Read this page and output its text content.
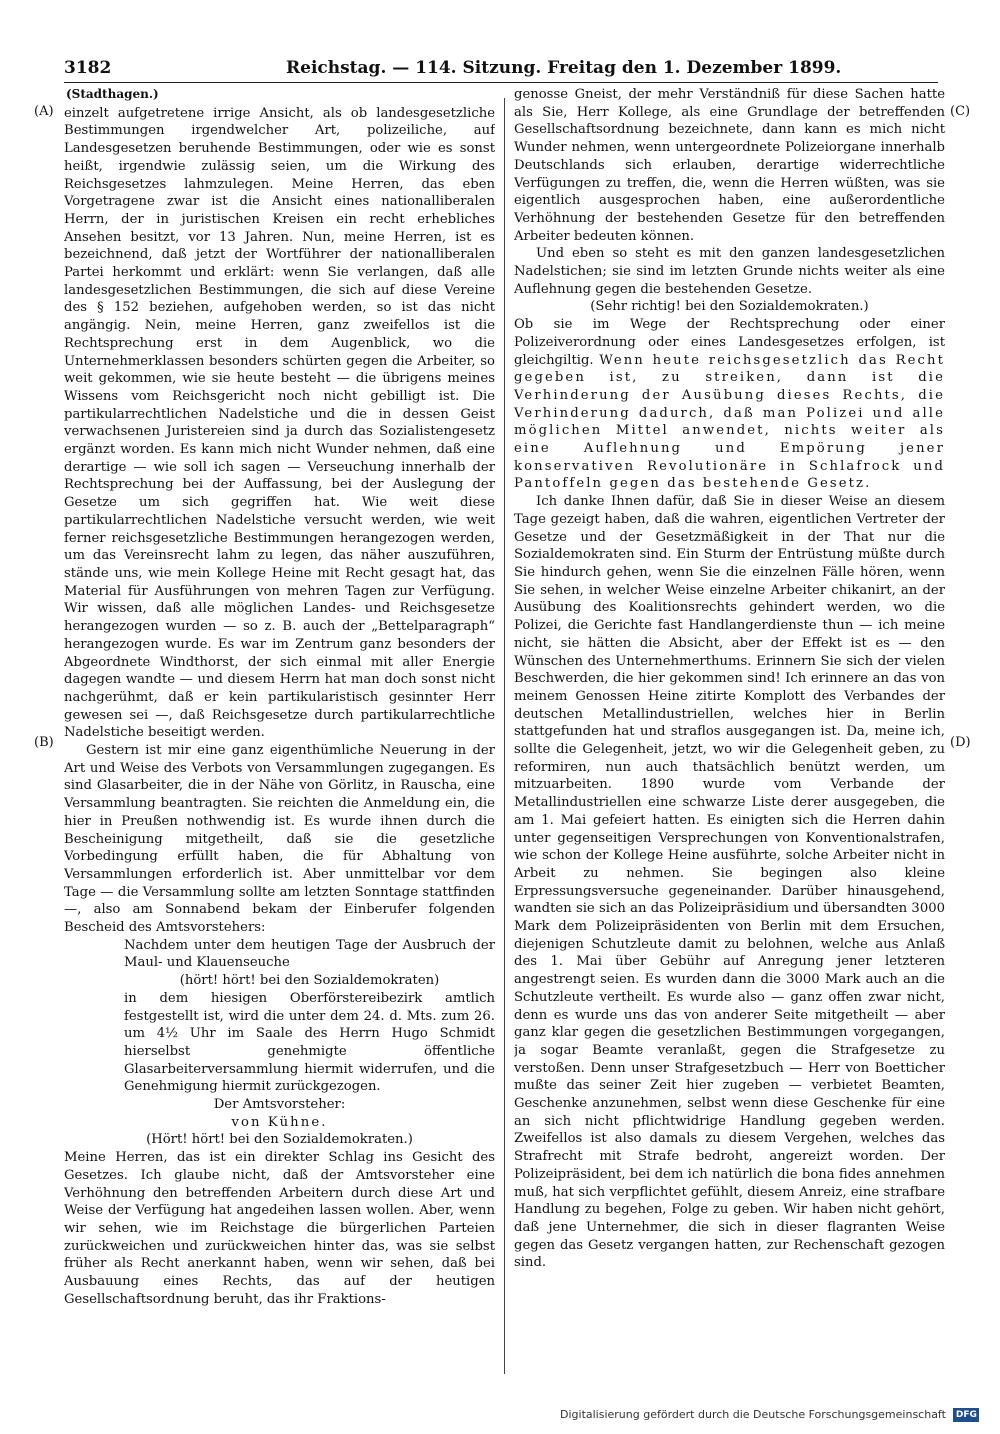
3182	Reichstag. — 114. Sitzung. Freitag den 1. Dezember 1899.
(A)
(B)
(C)
(D)
(Stadthagen.)

einzelt aufgetretene irrige Ansicht, als ob landesgesetzliche Bestimmungen irgendwelcher Art, polizeiliche, auf Landesgesetzen beruhende Bestimmungen, oder wie es sonst heißt, irgendwie zulässig seien, um die Wirkung des Reichsgesetzes lahmzulegen. Meine Herren, das eben Vorgetragene zwar ist die Ansicht eines nationalliberalen Herrn, der in juristischen Kreisen ein recht erhebliches Ansehen besitzt, vor 13 Jahren. Nun, meine Herren, ist es bezeichnend, daß jetzt der Wortführer der nationalliberalen Partei herkommt und erklärt: wenn Sie verlangen, daß alle landesgesetzlichen Bestimmungen, die sich auf diese Vereine des § 152 beziehen, aufgehoben werden, so ist das nicht angängig. Nein, meine Herren, ganz zweifellos ist die Rechtsprechung erst in dem Augenblick, wo die Unternehmerklassen besonders schürten gegen die Arbeiter, so weit gekommen, wie sie heute besteht — die übrigens meines Wissens vom Reichsgericht noch nicht gebilligt ist. Die partikularrechtlichen Nadelstiche und die in dessen Geist verwachsenen Juristereien sind ja durch das Sozialistengesetz ergänzt worden. Es kann mich nicht Wunder nehmen, daß eine derartige — wie soll ich sagen — Verseuchung innerhalb der Rechtsprechung bei der Auffassung, bei der Auslegung der Gesetze um sich gegriffen hat. Wie weit diese partikularrechtlichen Nadelstiche versucht werden, wie weit ferner reichsgesetzliche Bestimmungen herangezogen werden, um das Vereinsrecht lahm zu legen, das näher auszuführen, stände uns, wie mein Kollege Heine mit Recht gesagt hat, das Material für Ausführungen von mehren Tagen zur Verfügung. Wir wissen, daß alle möglichen Landes- und Reichsgesetze herangezogen wurden — so z. B. auch der „Bettelparagraph“ herangezogen wurde. Es war im Zentrum ganz besonders der Abgeordnete Windthorst, der sich einmal mit aller Energie dagegen wandte — und diesem Herrn hat man doch sonst nicht nachgerühmt, daß er kein partikularistisch gesinnter Herr gewesen sei —, daß Reichsgesetze durch partikularrechtliche Nadelstiche beseitigt werden.

Gestern ist mir eine ganz eigenthümliche Neuerung in der Art und Weise des Verbots von Versammlungen zugegangen. Es sind Glasarbeiter, die in der Nähe von Görlitz, in Rauscha, eine Versammlung beantragten. Sie reichten die Anmeldung ein, die hier in Preußen nothwendig ist. Es wurde ihnen durch die Bescheinigung mitgetheilt, daß sie die gesetzliche Vorbedingung erfüllt haben, die für Abhaltung von Versammlungen erforderlich ist. Aber unmittelbar vor dem Tage — die Versammlung sollte am letzten Sonntage stattfinden —, also am Sonnabend bekam der Einberufer folgenden Bescheid des Amtsvorstehers:

Nachdem unter dem heutigen Tage der Ausbruch der Maul- und Klauenseuche

(hört! hört! bei den Sozialdemokraten)

in dem hiesigen Oberförstereibezirk amtlich festgestellt ist, wird die unter dem 24. d. Mts. zum 26. um 4½ Uhr im Saale des Herrn Hugo Schmidt hierselbst genehmigte öffentliche Glasarbeiterversammlung hiermit widerrufen, und die Genehmigung hiermit zurückgezogen.

Der Amtsvorsteher:

von Kühne.

(Hört! hört! bei den Sozialdemokraten.)

Meine Herren, das ist ein direkter Schlag ins Gesicht des Gesetzes. Ich glaube nicht, daß der Amtsvorsteher eine Verhöhnung den betreffenden Arbeitern durch diese Art und Weise der Verfügung hat angedeihen lassen wollen. Aber, wenn wir sehen, wie im Reichstage die bürgerlichen Parteien zurückweichen und zurückweichen hinter das, was sie selbst früher als Recht anerkannt haben, wenn wir sehen, daß bei Ausbauung eines Rechts, das auf der heutigen Gesellschaftsordnung beruht, das ihr Fraktions-

genosse Gneist, der mehr Verständniß für diese Sachen hatte als Sie, Herr Kollege, als eine Grundlage der betreffenden Gesellschaftsordnung bezeichnete, dann kann es mich nicht Wunder nehmen, wenn untergeordnete Polizeiorgane innerhalb Deutschlands sich erlauben, derartige widerrechtliche Verfügungen zu treffen, die, wenn die Herren wüßten, was sie eigentlich ausgesprochen haben, eine außerordentliche Verhöhnung der bestehenden Gesetze für den betreffenden Arbeiter bedeuten können.

Und eben so steht es mit den ganzen landesgesetzlichen Nadelstichen; sie sind im letzten Grunde nichts weiter als eine Auflehnung gegen die bestehenden Gesetze.

(Sehr richtig! bei den Sozialdemokraten.)

Ob sie im Wege der Rechtsprechung oder einer Polizeiverordnung oder eines Landesgesetzes erfolgen, ist gleichgiltig. Wenn heute reichsgesetzlich das Recht gegeben ist, zu streiken, dann ist die Verhinderung der Ausübung dieses Rechts, die Verhinderung dadurch, daß man Polizei und alle möglichen Mittel anwendet, nichts weiter als eine Auflehnung und Empörung jener konservativen Revolutionäre in Schlafrock und Pantoffeln gegen das bestehende Gesetz.

Ich danke Ihnen dafür, daß Sie in dieser Weise an diesem Tage gezeigt haben, daß die wahren, eigentlichen Vertreter der Gesetze und der Gesetzmäßigkeit in der That nur die Sozialdemokraten sind. Ein Sturm der Entrüstung müßte durch Sie hindurch gehen, wenn Sie die einzelnen Fälle hören, wenn Sie sehen, in welcher Weise einzelne Arbeiter chikanirt, an der Ausübung des Koalitionsrechts gehindert werden, wo die Polizei, die Gerichte fast Handlangerdienste thun — ich meine nicht, sie hätten die Absicht, aber der Effekt ist es — den Wünschen des Unternehmerthums. Erinnern Sie sich der vielen Beschwerden, die hier gekommen sind! Ich erinnere an das von meinem Genossen Heine zitirte Komplott des Verbandes der deutschen Metallindustriellen, welches hier in Berlin stattgefunden hat und straflos ausgegangen ist. Da, meine ich, sollte die Gelegenheit, jetzt, wo wir die Gelegenheit geben, zu reformiren, nun auch thatsächlich benützt werden, um mitzuarbeiten. 1890 wurde vom Verbande der Metallindustriellen eine schwarze Liste derer ausgegeben, die am 1. Mai gefeiert hatten. Es einigten sich die Herren dahin unter gegenseitigen Versprechungen von Konventionalstrafen, wie schon der Kollege Heine ausführte, solche Arbeiter nicht in Arbeit zu nehmen. Sie begingen also kleine Erpressungsversuche gegeneinander. Darüber hinausgehend, wandten sie sich an das Polizeipräsidium und übersandten 3000 Mark dem Polizeipräsidenten von Berlin mit dem Ersuchen, diejenigen Schutzleute damit zu belohnen, welche aus Anlaß des 1. Mai über Gebühr auf Anregung jener letzteren angestrengt seien. Es wurden dann die 3000 Mark auch an die Schutzleute vertheilt. Es wurde also — ganz offen zwar nicht, denn es wurde uns das von anderer Seite mitgetheilt — aber ganz klar gegen die gesetzlichen Bestimmungen vorgegangen, ja sogar Beamte veranlaßt, gegen die Strafgesetze zu verstoßen. Denn unser Strafgesetzbuch — Herr von Boetticher mußte das seiner Zeit hier zugeben — verbietet Beamten, Geschenke anzunehmen, selbst wenn diese Geschenke für eine an sich nicht pflichtwidrige Handlung gegeben werden. Zweifellos ist also damals zu diesem Vergehen, welches das Strafrecht mit Strafe bedroht, angereizt worden. Der Polizeipräsident, bei dem ich natürlich die bona fides annehmen muß, hat sich verpflichtet gefühlt, diesem Anreiz, eine strafbare Handlung zu begehen, Folge zu geben. Wir haben nicht gehört, daß jene Unternehmer, die sich in dieser flagranten Weise gegen das Gesetz vergangen hatten, zur Rechenschaft gezogen sind.

Digitalisierung gefördert durch die Deutsche Forschungsgemeinschaft DFG
